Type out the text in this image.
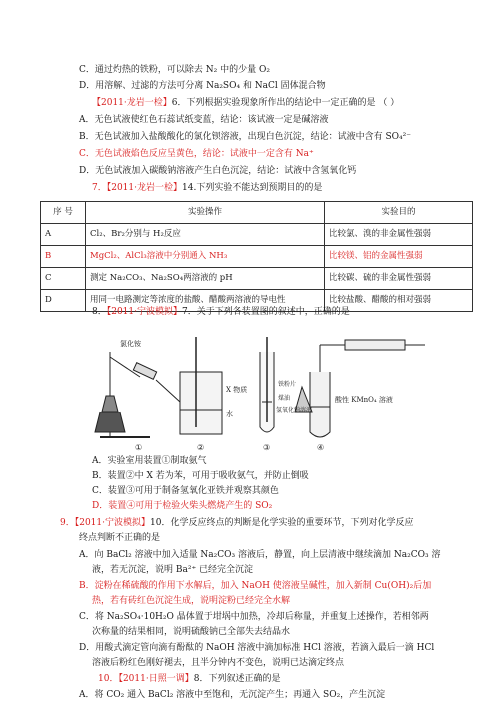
C．通过灼热的铁粉，可以除去 N₂ 中的少量 O₂
D．用溶解、过滤的方法可分离 Na₂SO₄ 和 NaCl 固体混合物
【2011·龙岩一检】6．下列根据实验现象所作出的结论中一定正确的是 （ ）
A．无色试液使红色石蕊试纸变蓝，结论：该试液一定是碱溶液
B．无色试液加入盐酸酸化的氯化钡溶液，出现白色沉淀，结论：试液中含有 SO₄²⁻
C．无色试液焰色反应呈黄色，结论：试液中一定含有 Na⁺
D．无色试液加入碳酸钠溶液产生白色沉淀，结论：试液中含氢氧化钙
7．【2011·龙岩一检】14.下列实验不能达到预期目的的是
序 号	实验操作	实验目的
A	Cl₂、Br₂分别与 H₂反应	比较氯、溴的非金属性强弱
B	MgCl₂、AlCl₃溶液中分别通入 NH₃	比较镁、铝的金属性强弱
C	测定 Na₂CO₃、Na₂SO₄两溶液的 pH	比较碳、硫的非金属性强弱
D	用同一电路测定等浓度的盐酸、醋酸两溶液的导电性	比较盐酸、醋酸的相对强弱
8．【2011·宁波模拟】7．关于下列各装置图的叙述中，正确的是
氯化铵
X 物质
水
铁粉片
煤油
氢氧化钠溶液
酸性 KMnO₄ 溶液
①	②	③	④
A．实验室用装置①制取氨气
B．装置②中 X 若为苯，可用于吸收氨气，并防止倒吸
C．装置③可用于制备氢氧化亚铁并观察其颜色
D．装置④可用于检验火柴头燃烧产生的 SO₂
9．【2011·宁波模拟】10．化学反应终点的判断是化学实验的重要环节，下列对化学反应
终点判断不正确的是
A．向 BaCl₂ 溶液中加入适量 Na₂CO₃ 溶液后，静置，向上层清液中继续滴加 Na₂CO₃ 溶
液，若无沉淀，说明 Ba²⁺ 已经完全沉淀
B．淀粉在稀硫酸的作用下水解后，加入 NaOH 使溶液呈碱性，加入新制 Cu(OH)₂后加
热，若有砖红色沉淀生成，说明淀粉已经完全水解
C．将 Na₂SO₄·10H₂O 晶体置于坩埚中加热，冷却后称量，并重复上述操作，若相邻两
次称量的结果相同，说明硫酸钠已全部失去结晶水
D．用酸式滴定管向滴有酚酞的 NaOH 溶液中滴加标准 HCl 溶液，若滴入最后一滴 HCl
溶液后粉红色刚好褪去，且半分钟内不变色，说明已达滴定终点
10．【2011·日照一调】8．下列叙述正确的是
A．将 CO₂ 通入 BaCl₂ 溶液中至饱和，无沉淀产生；再通入 SO₂，产生沉淀
